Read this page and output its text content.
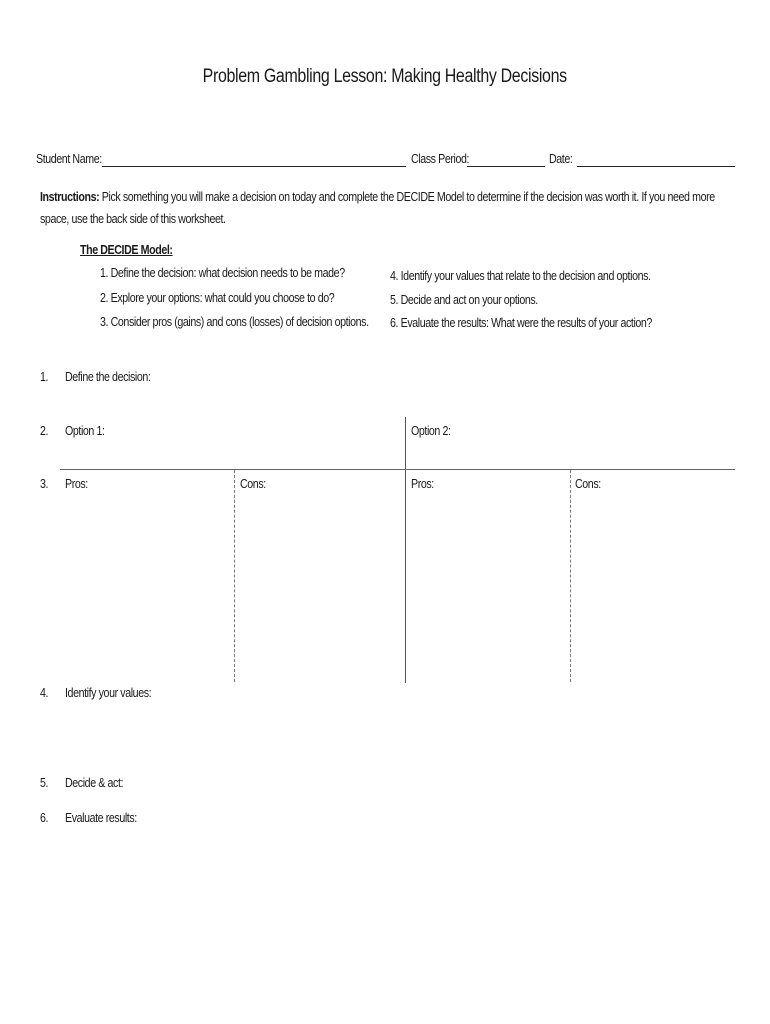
Problem Gambling Lesson: Making Healthy Decisions
Student Name:	Class Period:	Date:
Instructions: Pick something you will make a decision on today and complete the DECIDE Model to determine if the decision was worth it. If you need more
space, use the back side of this worksheet.
The DECIDE Model:
1. Define the decision: what decision needs to be made?
2. Explore your options: what could you choose to do?
3. Consider pros (gains) and cons (losses) of decision options.
4. Identify your values that relate to the decision and options.
5. Decide and act on your options.
6. Evaluate the results: What were the results of your action?
1. Define the decision:
2. Option 1:	Option 2:
3. Pros:	Cons:	Pros:	Cons:
4. Identify your values:
5. Decide & act:
6. Evaluate results:
